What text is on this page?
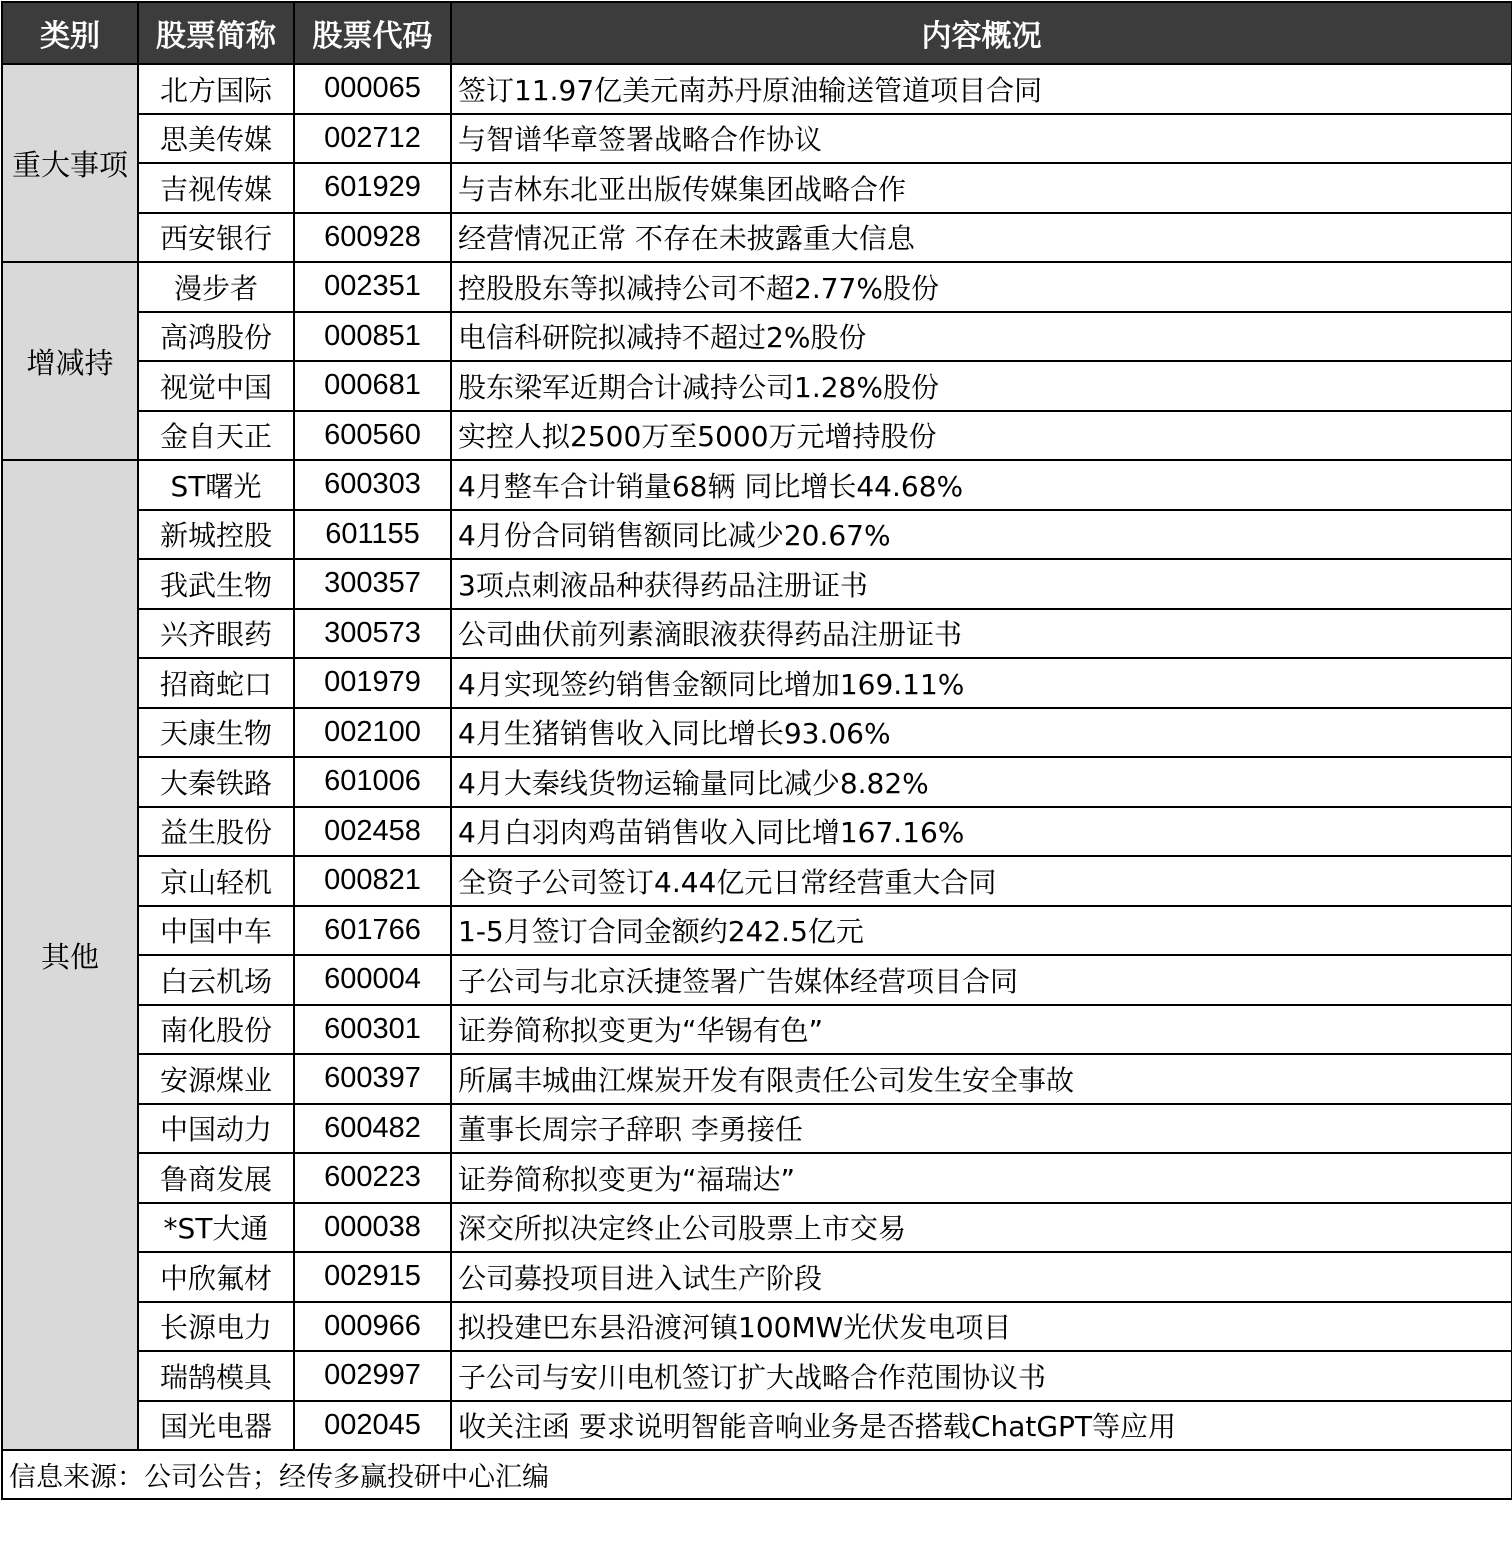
类别	股票简称	股票代码	内容概况
重大事项	北方国际	000065	签订11.97亿美元南苏丹原油输送管道项目合同
	思美传媒	002712	与智谱华章签署战略合作协议
	吉视传媒	601929	与吉林东北亚出版传媒集团战略合作
	西安银行	600928	经营情况正常 不存在未披露重大信息
增减持	漫步者	002351	控股股东等拟减持公司不超2.77%股份
	高鸿股份	000851	电信科研院拟减持不超过2%股份
	视觉中国	000681	股东梁军近期合计减持公司1.28%股份
	金自天正	600560	实控人拟2500万至5000万元增持股份
其他	ST曙光	600303	4月整车合计销量68辆 同比增长44.68%
	新城控股	601155	4月份合同销售额同比减少20.67%
	我武生物	300357	3项点刺液品种获得药品注册证书
	兴齐眼药	300573	公司曲伏前列素滴眼液获得药品注册证书
	招商蛇口	001979	4月实现签约销售金额同比增加169.11%
	天康生物	002100	4月生猪销售收入同比增长93.06%
	大秦铁路	601006	4月大秦线货物运输量同比减少8.82%
	益生股份	002458	4月白羽肉鸡苗销售收入同比增167.16%
	京山轻机	000821	全资子公司签订4.44亿元日常经营重大合同
	中国中车	601766	1-5月签订合同金额约242.5亿元
	白云机场	600004	子公司与北京沃捷签署广告媒体经营项目合同
	南化股份	600301	证券简称拟变更为“华锡有色”
	安源煤业	600397	所属丰城曲江煤炭开发有限责任公司发生安全事故
	中国动力	600482	董事长周宗子辞职 李勇接任
	鲁商发展	600223	证券简称拟变更为“福瑞达”
	*ST大通	000038	深交所拟决定终止公司股票上市交易
	中欣氟材	002915	公司募投项目进入试生产阶段
	长源电力	000966	拟投建巴东县沿渡河镇100MW光伏发电项目
	瑞鹄模具	002997	子公司与安川电机签订扩大战略合作范围协议书
	国光电器	002045	收关注函 要求说明智能音响业务是否搭载ChatGPT等应用
信息来源：公司公告；经传多赢投研中心汇编			
